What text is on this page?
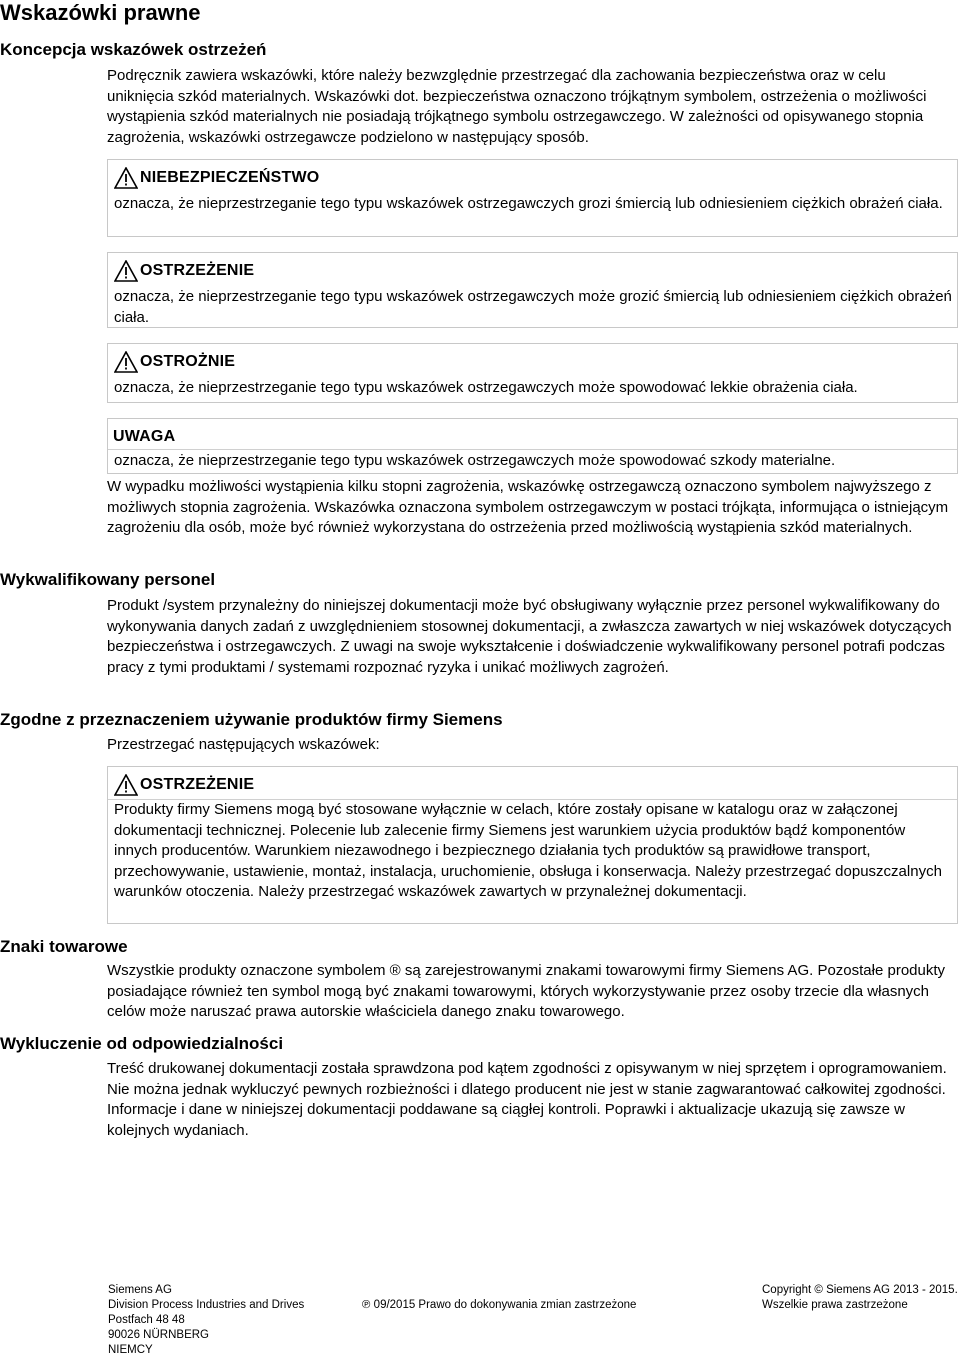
Wskazówki prawne
Koncepcja wskazówek ostrzeżeń

Podręcznik zawiera wskazówki, które należy bezwzględnie przestrzegać dla zachowania bezpieczeństwa oraz w celu uniknięcia szkód materialnych. Wskazówki dot. bezpieczeństwa oznaczono trójkątnym symbolem, ostrzeżenia o możliwości wystąpienia szkód materialnych nie posiadają trójkątnego symbolu ostrzegawczego. W zależności od opisywanego stopnia zagrożenia, wskazówki ostrzegawcze podzielono w następujący sposób.

NIEBEZPIECZEŃSTWO

oznacza, że nieprzestrzeganie tego typu wskazówek ostrzegawczych grozi śmiercią lub odniesieniem ciężkich obrażeń ciała.

OSTRZEŻENIE

oznacza, że nieprzestrzeganie tego typu wskazówek ostrzegawczych może grozić śmiercią lub odniesieniem ciężkich obrażeń ciała.

OSTROŻNIE

oznacza, że nieprzestrzeganie tego typu wskazówek ostrzegawczych może spowodować lekkie obrażenia ciała.

UWAGA

oznacza, że nieprzestrzeganie tego typu wskazówek ostrzegawczych może spowodować szkody materialne.

W wypadku możliwości wystąpienia kilku stopni zagrożenia, wskazówkę ostrzegawczą oznaczono symbolem najwyższego z możliwych stopnia zagrożenia. Wskazówka oznaczona symbolem ostrzegawczym w postaci trójkąta, informująca o istniejącym zagrożeniu dla osób, może być również wykorzystana do ostrzeżenia przed możliwością wystąpienia szkód materialnych.

Wykwalifikowany personel

Produkt /system przynależny do niniejszej dokumentacji może być obsługiwany wyłącznie przez personel wykwalifikowany do wykonywania danych zadań z uwzględnieniem stosownej dokumentacji, a zwłaszcza zawartych w niej wskazówek dotyczących bezpieczeństwa i ostrzegawczych. Z uwagi na swoje wykształcenie i doświadczenie wykwalifikowany personel potrafi podczas pracy z tymi produktami / systemami rozpoznać ryzyka i unikać możliwych zagrożeń.

Zgodne z przeznaczeniem używanie produktów firmy Siemens

Przestrzegać następujących wskazówek:

OSTRZEŻENIE

Produkty firmy Siemens mogą być stosowane wyłącznie w celach, które zostały opisane w katalogu oraz w załączonej dokumentacji technicznej. Polecenie lub zalecenie firmy Siemens jest warunkiem użycia produktów bądź komponentów innych producentów. Warunkiem niezawodnego i bezpiecznego działania tych produktów są prawidłowe transport, przechowywanie, ustawienie, montaż, instalacja, uruchomienie, obsługa i konserwacja. Należy przestrzegać dopuszczalnych warunków otoczenia. Należy przestrzegać wskazówek zawartych w przynależnej dokumentacji.

Znaki towarowe

Wszystkie produkty oznaczone symbolem ® są zarejestrowanymi znakami towarowymi firmy Siemens AG. Pozostałe produkty posiadające również ten symbol mogą być znakami towarowymi, których wykorzystywanie przez osoby trzecie dla własnych celów może naruszać prawa autorskie właściciela danego znaku towarowego.

Wykluczenie od odpowiedzialności

Treść drukowanej dokumentacji została sprawdzona pod kątem zgodności z opisywanym w niej sprzętem i oprogramowaniem. Nie można jednak wykluczyć pewnych rozbieżności i dlatego producent nie jest w stanie zagwarantować całkowitej zgodności. Informacje i dane w niniejszej dokumentacji poddawane są ciągłej kontroli. Poprawki i aktualizacje ukazują się zawsze w kolejnych wydaniach.

Siemens AG
Division Process Industries and Drives
Postfach 48 48
90026 NÜRNBERG
NIEMCY
℗ 09/2015 Prawo do dokonywania zmian zastrzeżone
Copyright © Siemens AG 2013 - 2015.
Wszelkie prawa zastrzeżone
